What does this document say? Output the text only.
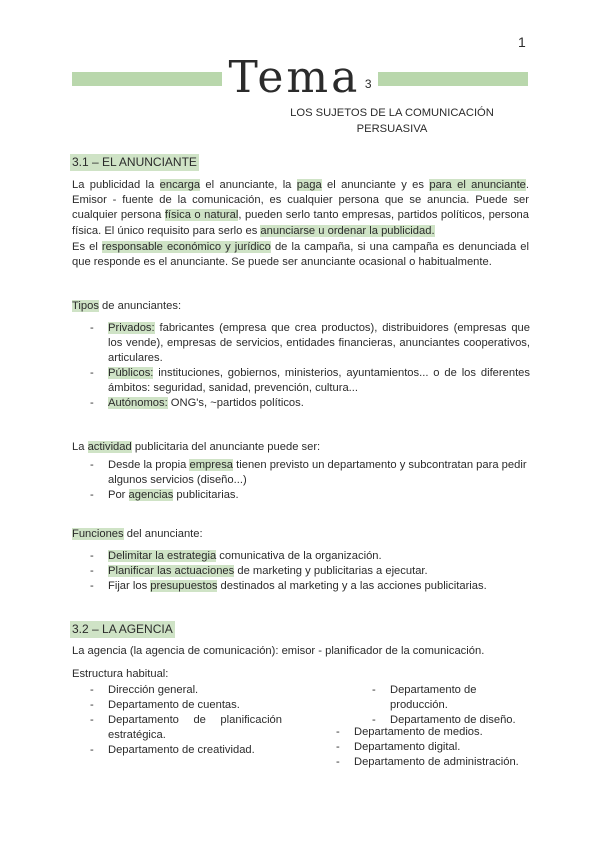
1
Tema $^3$
LOS SUJETOS DE LA COMUNICACIÓN
PERSUASIVA
3.1 – EL ANUNCIANTE
La publicidad la encarga el anunciante, la paga el anunciante y es para el anunciante. Emisor - fuente de la comunicación, es cualquier persona que se anuncia. Puede ser cualquier persona física o natural, pueden serlo tanto empresas, partidos políticos, persona física. El único requisito para serlo es anunciarse u ordenar la publicidad.
Es el responsable económico y jurídico de la campaña, si una campaña es denunciada el que responde es el anunciante. Se puede ser anunciante ocasional o habitualmente.
Tipos de anunciantes:
- Privados: fabricantes (empresa que crea productos), distribuidores (empresas que los vende), empresas de servicios, entidades financieras, anunciantes cooperativos, articulares.
- Públicos: instituciones, gobiernos, ministerios, ayuntamientos... o de los diferentes ámbitos: seguridad, sanidad, prevención, cultura...
- Autónomos: ONG's, ~partidos políticos.
La actividad publicitaria del anunciante puede ser:
- Desde la propia empresa tienen previsto un departamento y subcontratan para pedir algunos servicios (diseño...)
- Por agencias publicitarias.
Funciones del anunciante:
- Delimitar la estrategia comunicativa de la organización.
- Planificar las actuaciones de marketing y publicitarias a ejecutar.
- Fijar los presupuestos destinados al marketing y a las acciones publicitarias.
3.2 – LA AGENCIA
La agencia (la agencia de comunicación): emisor - planificador de la comunicación.
Estructura habitual:
- Dirección general.
- Departamento de cuentas.
- Departamento de planificación estratégica.
- Departamento de creatividad.
- Departamento de producción.
- Departamento de diseño.
- Departamento de medios.
- Departamento digital.
- Departamento de administración.
